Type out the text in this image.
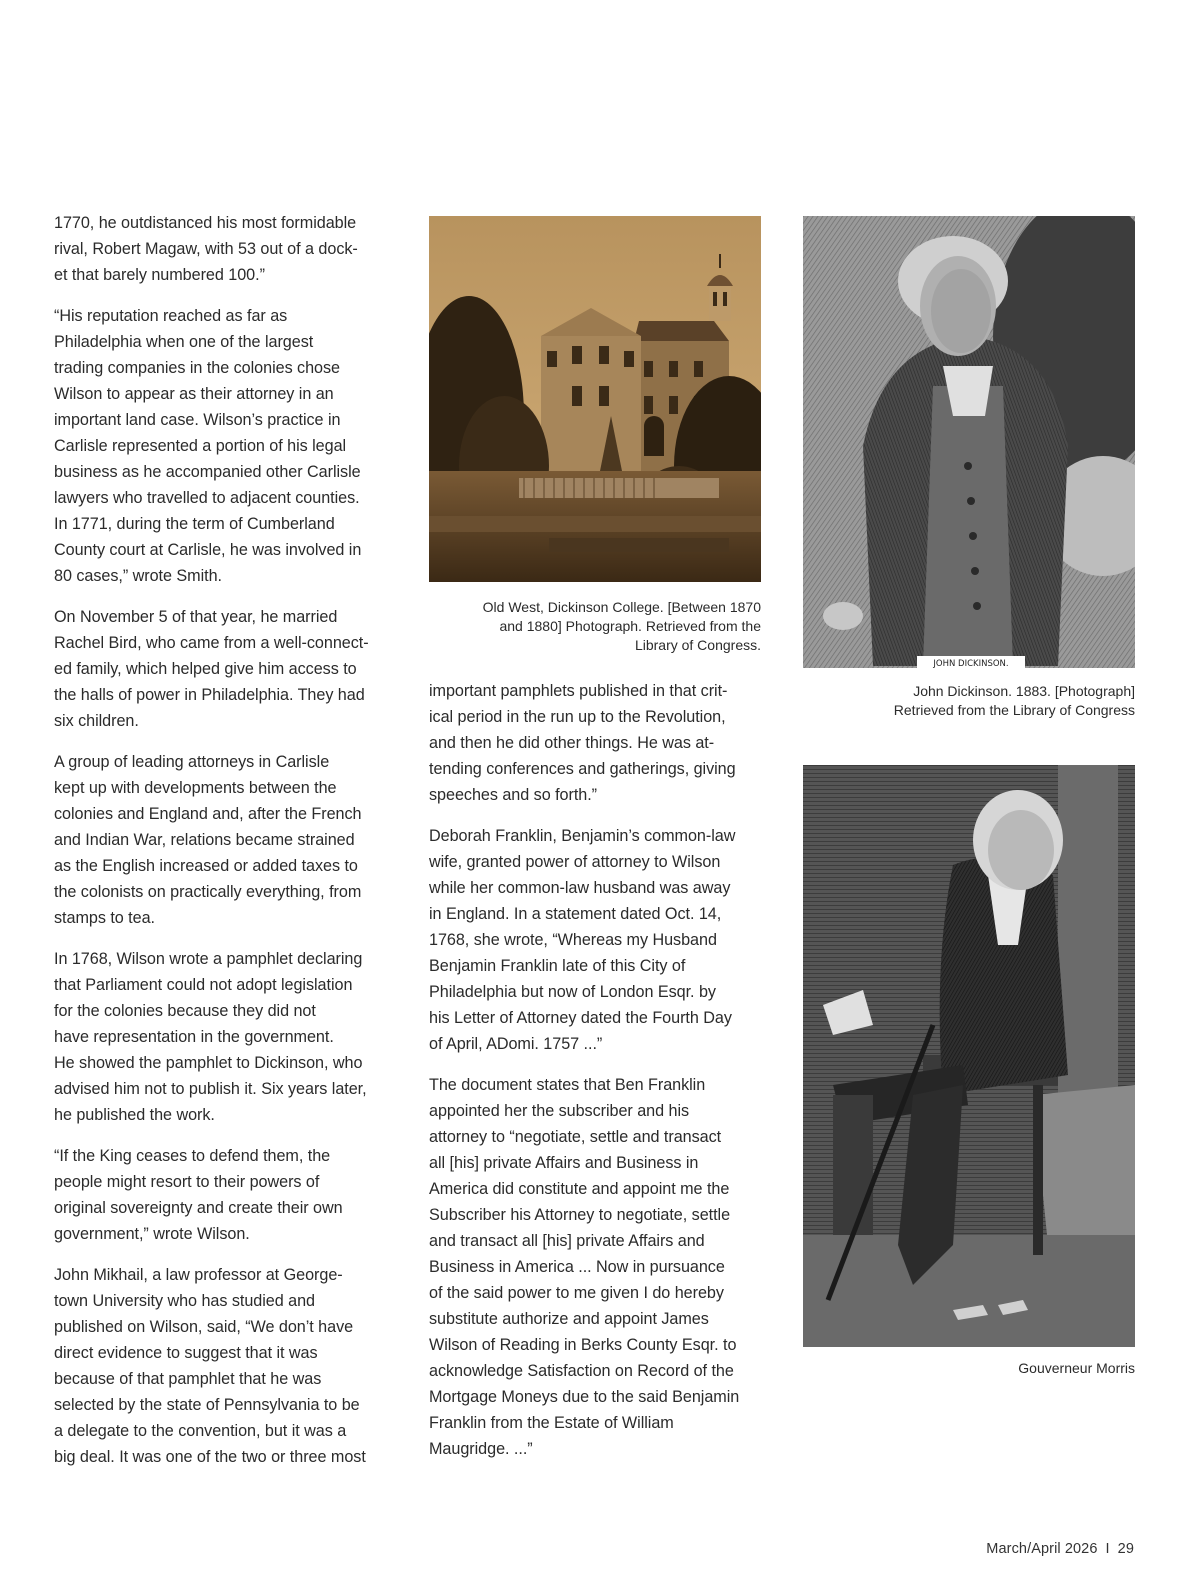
1770, he outdistanced his most formidable
rival, Robert Magaw, with 53 out of a dock-
et that barely numbered 100.”

“His reputation reached as far as
Philadelphia when one of the largest
trading companies in the colonies chose
Wilson to appear as their attorney in an
important land case. Wilson’s practice in
Carlisle represented a portion of his legal
business as he accompanied other Carlisle
lawyers who travelled to adjacent counties.
In 1771, during the term of Cumberland
County court at Carlisle, he was involved in
80 cases,” wrote Smith.

On November 5 of that year, he married
Rachel Bird, who came from a well-connect-
ed family, which helped give him access to
the halls of power in Philadelphia. They had
six children.

A group of leading attorneys in Carlisle
kept up with developments between the
colonies and England and, after the French
and Indian War, relations became strained
as the English increased or added taxes to
the colonists on practically everything, from
stamps to tea.

In 1768, Wilson wrote a pamphlet declaring
that Parliament could not adopt legislation
for the colonies because they did not
have representation in the government.
He showed the pamphlet to Dickinson, who
advised him not to publish it. Six years later,
he published the work.

“If the King ceases to defend them, the
people might resort to their powers of
original sovereignty and create their own
government,” wrote Wilson.

John Mikhail, a law professor at George-
town University who has studied and
published on Wilson, said, “We don’t have
direct evidence to suggest that it was
because of that pamphlet that he was
selected by the state of Pennsylvania to be
a delegate to the convention, but it was a
big deal. It was one of the two or three most

Old West, Dickinson College. [Between 1870
and 1880] Photograph. Retrieved from the
Library of Congress.

important pamphlets published in that crit-
ical period in the run up to the Revolution,
and then he did other things. He was at-
tending conferences and gatherings, giving
speeches and so forth.”

Deborah Franklin, Benjamin’s common-law
wife, granted power of attorney to Wilson
while her common-law husband was away
in England. In a statement dated Oct. 14,
1768, she wrote, “Whereas my Husband
Benjamin Franklin late of this City of
Philadelphia but now of London Esqr. by
his Letter of Attorney dated the Fourth Day
of April, ADomi. 1757 ...”

The document states that Ben Franklin
appointed her the subscriber and his
attorney to “negotiate, settle and transact
all [his] private Affairs and Business in
America did constitute and appoint me the
Subscriber his Attorney to negotiate, settle
and transact all [his] private Affairs and
Business in America ... Now in pursuance
of the said power to me given I do hereby
substitute authorize and appoint James
Wilson of Reading in Berks County Esqr. to
acknowledge Satisfaction on Record of the
Mortgage Moneys due to the said Benjamin
Franklin from the Estate of William
Maugridge. ...”

JOHN DICKINSON.
John Dickinson. 1883. [Photograph]
Retrieved from the Library of Congress
Gouverneur Morris
March/April 2026 I 29
